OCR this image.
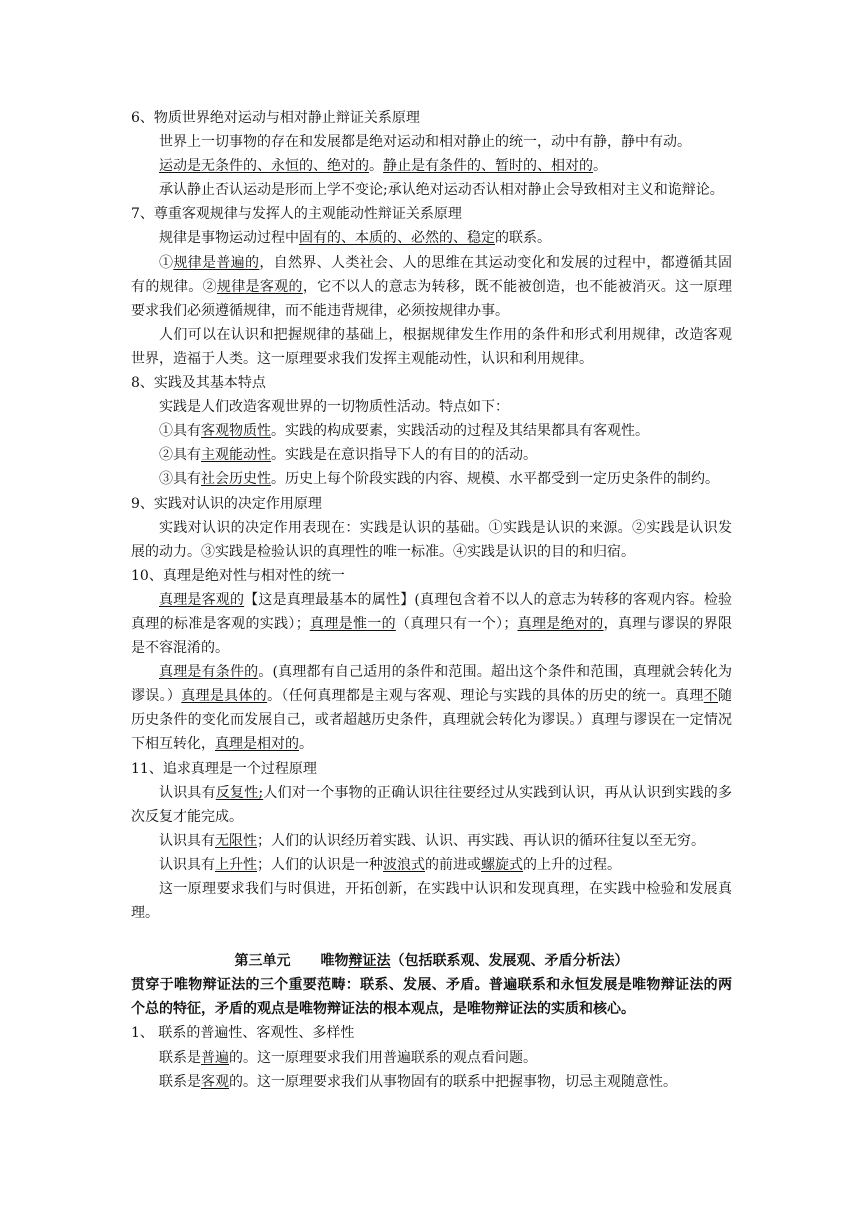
6、物质世界绝对运动与相对静止辩证关系原理

世界上一切事物的存在和发展都是绝对运动和相对静止的统一，动中有静，静中有动。

运动是无条件的、永恒的、绝对的。静止是有条件的、暂时的、相对的。

承认静止否认运动是形而上学不变论;承认绝对运动否认相对静止会导致相对主义和诡辩论。

7、尊重客观规律与发挥人的主观能动性辩证关系原理

规律是事物运动过程中固有的、本质的、必然的、稳定的联系。

①规律是普遍的，自然界、人类社会、人的思维在其运动变化和发展的过程中，都遵循其固有的规律。②规律是客观的，它不以人的意志为转移，既不能被创造，也不能被消灭。这一原理要求我们必须遵循规律，而不能违背规律，必须按规律办事。

人们可以在认识和把握规律的基础上，根据规律发生作用的条件和形式利用规律，改造客观世界，造福于人类。这一原理要求我们发挥主观能动性，认识和利用规律。

8、实践及其基本特点

实践是人们改造客观世界的一切物质性活动。特点如下：

①具有客观物质性。实践的构成要素，实践活动的过程及其结果都具有客观性。

②具有主观能动性。实践是在意识指导下人的有目的的活动。

③具有社会历史性。历史上每个阶段实践的内容、规模、水平都受到一定历史条件的制约。

9、实践对认识的决定作用原理

实践对认识的决定作用表现在：实践是认识的基础。①实践是认识的来源。②实践是认识发展的动力。③实践是检验认识的真理性的唯一标准。④实践是认识的目的和归宿。

10、真理是绝对性与相对性的统一

真理是客观的【这是真理最基本的属性】(真理包含着不以人的意志为转移的客观内容。检验真理的标准是客观的实践）；真理是惟一的（真理只有一个）；真理是绝对的，真理与谬误的界限是不容混淆的。

真理是有条件的。(真理都有自己适用的条件和范围。超出这个条件和范围，真理就会转化为谬误。）真理是具体的。（任何真理都是主观与客观、理论与实践的具体的历史的统一。真理不随历史条件的变化而发展自己，或者超越历史条件，真理就会转化为谬误。）真理与谬误在一定情况下相互转化，真理是相对的。

11、追求真理是一个过程原理

认识具有反复性;人们对一个事物的正确认识往往要经过从实践到认识，再从认识到实践的多次反复才能完成。

认识具有无限性；人们的认识经历着实践、认识、再实践、再认识的循环往复以至无穷。

认识具有上升性；人们的认识是一种波浪式的前进或螺旋式的上升的过程。

这一原理要求我们与时俱进，开拓创新，在实践中认识和发现真理，在实践中检验和发展真理。

第三单元 唯物辩证法（包括联系观、发展观、矛盾分析法）

贯穿于唯物辩证法的三个重要范畴：联系、发展、矛盾。普遍联系和永恒发展是唯物辩证法的两个总的特征，矛盾的观点是唯物辩证法的根本观点，是唯物辩证法的实质和核心。

1、 联系的普遍性、客观性、多样性

联系是普遍的。这一原理要求我们用普遍联系的观点看问题。

联系是客观的。这一原理要求我们从事物固有的联系中把握事物，切忌主观随意性。
